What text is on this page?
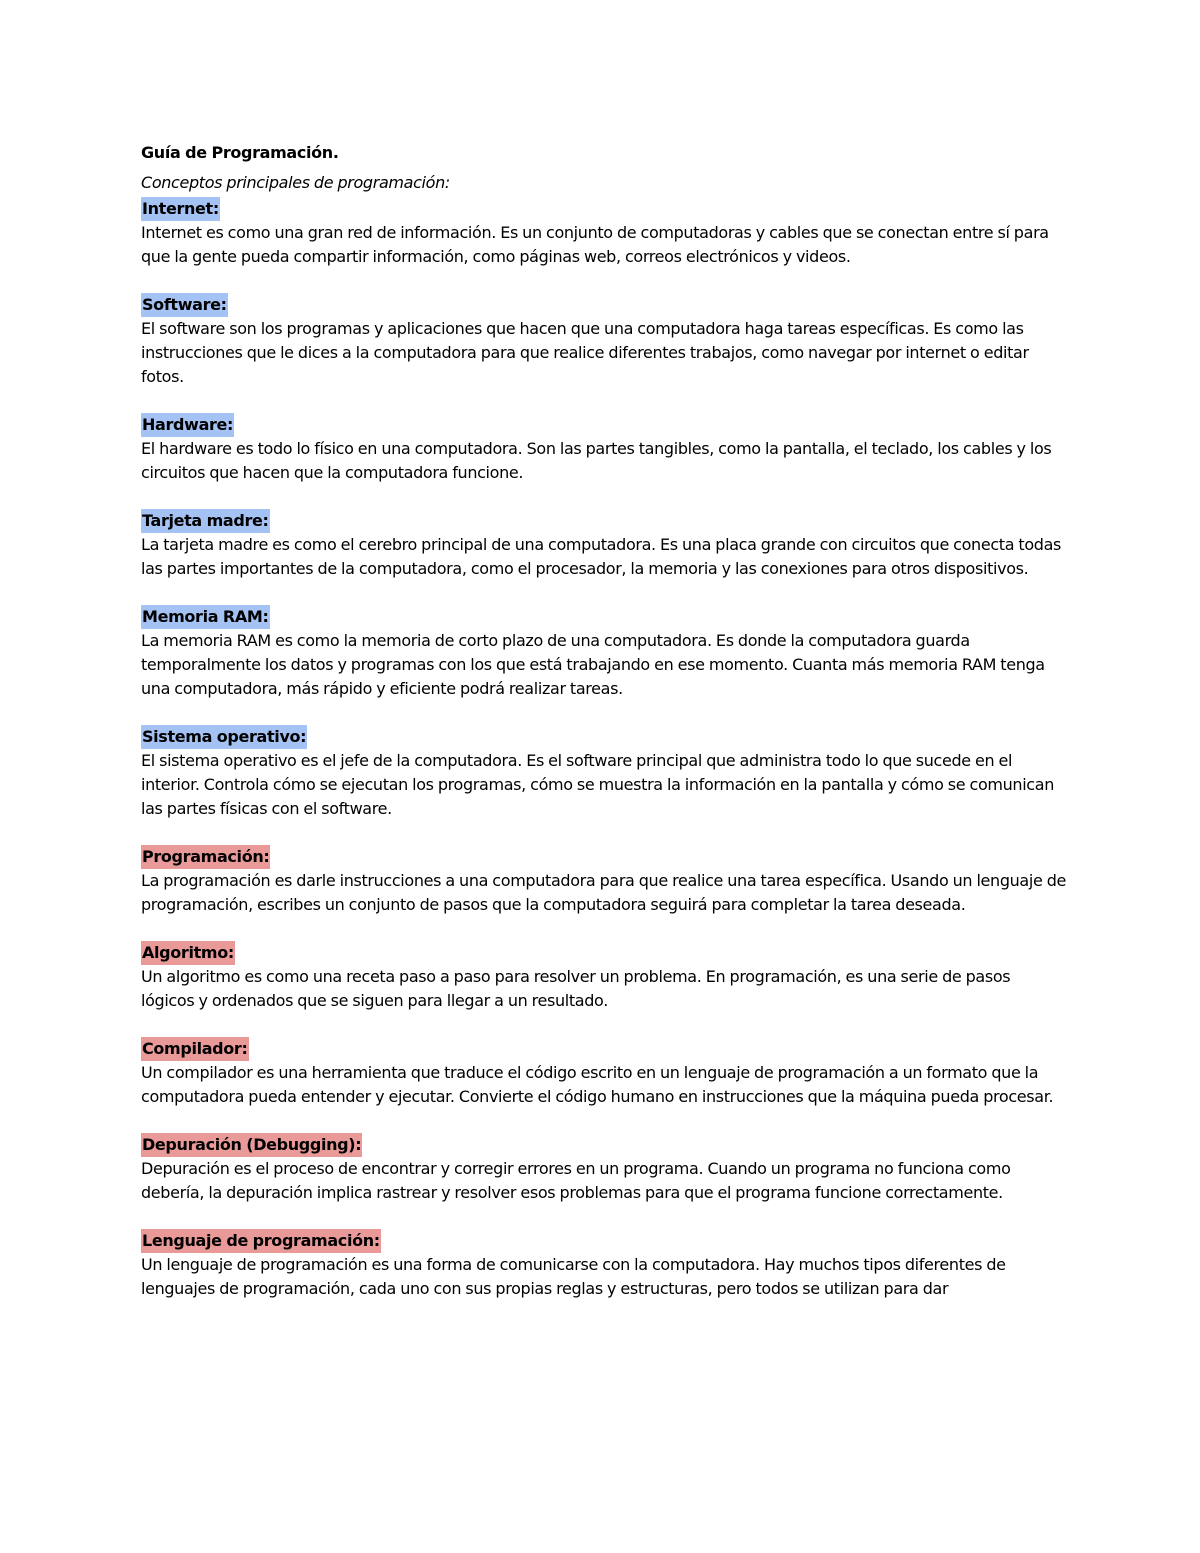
Guía de Programación.
Conceptos principales de programación:
Internet:

Internet es como una gran red de información. Es un conjunto de computadoras y cables que se conectan entre sí para que la gente pueda compartir información, como páginas web, correos electrónicos y videos.

Software:

El software son los programas y aplicaciones que hacen que una computadora haga tareas específicas. Es como las instrucciones que le dices a la computadora para que realice diferentes trabajos, como navegar por internet o editar fotos.

Hardware:

El hardware es todo lo físico en una computadora. Son las partes tangibles, como la pantalla, el teclado, los cables y los circuitos que hacen que la computadora funcione.

Tarjeta madre:

La tarjeta madre es como el cerebro principal de una computadora. Es una placa grande con circuitos que conecta todas las partes importantes de la computadora, como el procesador, la memoria y las conexiones para otros dispositivos.

Memoria RAM:

La memoria RAM es como la memoria de corto plazo de una computadora. Es donde la computadora guarda temporalmente los datos y programas con los que está trabajando en ese momento. Cuanta más memoria RAM tenga una computadora, más rápido y eficiente podrá realizar tareas.

Sistema operativo:

El sistema operativo es el jefe de la computadora. Es el software principal que administra todo lo que sucede en el interior. Controla cómo se ejecutan los programas, cómo se muestra la información en la pantalla y cómo se comunican las partes físicas con el software.

Programación:

La programación es darle instrucciones a una computadora para que realice una tarea específica. Usando un lenguaje de programación, escribes un conjunto de pasos que la computadora seguirá para completar la tarea deseada.

Algoritmo:

Un algoritmo es como una receta paso a paso para resolver un problema. En programación, es una serie de pasos lógicos y ordenados que se siguen para llegar a un resultado.

Compilador:

Un compilador es una herramienta que traduce el código escrito en un lenguaje de programación a un formato que la computadora pueda entender y ejecutar. Convierte el código humano en instrucciones que la máquina pueda procesar.

Depuración (Debugging):

Depuración es el proceso de encontrar y corregir errores en un programa. Cuando un programa no funciona como debería, la depuración implica rastrear y resolver esos problemas para que el programa funcione correctamente.

Lenguaje de programación:

Un lenguaje de programación es una forma de comunicarse con la computadora. Hay muchos tipos diferentes de lenguajes de programación, cada uno con sus propias reglas y estructuras, pero todos se utilizan para dar
